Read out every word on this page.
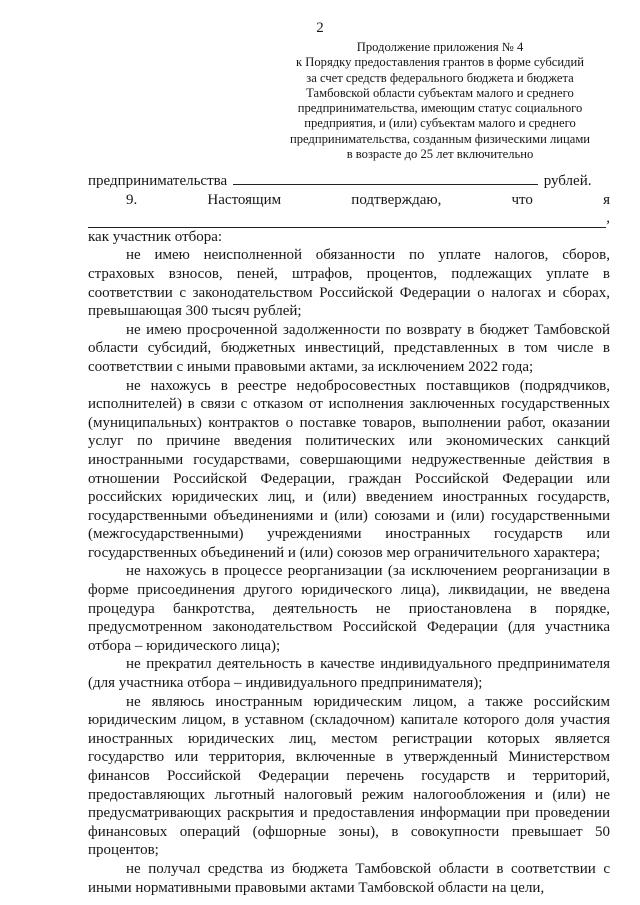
2
Продолжение приложения № 4
к Порядку предоставления грантов в форме субсидий
за счет средств федерального бюджета и бюджета
Тамбовской области субъектам малого и среднего
предпринимательства, имеющим статус социального
предприятия, и (или) субъектам малого и среднего
предпринимательства, созданным физическими лицами
в возрасте до 25 лет включительно
предпринимательства	рублей.
9.	Настоящим	подтверждаю,	что	я
,
как участник отбора:
не имею неисполненной обязанности по уплате налогов, сборов, страховых взносов, пеней, штрафов, процентов, подлежащих уплате в соответствии с законодательством Российской Федерации о налогах и сборах, превышающая 300 тысяч рублей;
не имею просроченной задолженности по возврату в бюджет Тамбовской области субсидий, бюджетных инвестиций, представленных в том числе в соответствии с иными правовыми актами, за исключением 2022 года;
не нахожусь в реестре недобросовестных поставщиков (подрядчиков, исполнителей) в связи с отказом от исполнения заключенных государственных (муниципальных) контрактов о поставке товаров, выполнении работ, оказании услуг по причине введения политических или экономических санкций иностранными государствами, совершающими недружественные действия в отношении Российской Федерации, граждан Российской Федерации или российских юридических лиц, и (или) введением иностранных государств, государственными объединениями и (или) союзами и (или) государственными (межгосударственными) учреждениями иностранных государств или государственных объединений и (или) союзов мер ограничительного характера;
не нахожусь в процессе реорганизации (за исключением реорганизации в форме присоединения другого юридического лица), ликвидации, не введена процедура банкротства, деятельность не приостановлена в порядке, предусмотренном законодательством Российской Федерации (для участника отбора – юридического лица);
не прекратил деятельность в качестве индивидуального предпринимателя (для участника отбора – индивидуального предпринимателя);
не являюсь иностранным юридическим лицом, а также российским юридическим лицом, в уставном (складочном) капитале которого доля участия иностранных юридических лиц, местом регистрации которых является государство или территория, включенные в утвержденный Министерством финансов Российской Федерации перечень государств и территорий, предоставляющих льготный налоговый режим налогообложения и (или) не предусматривающих раскрытия и предоставления информации при проведении финансовых операций (офшорные зоны), в совокупности превышает 50 процентов;
не получал средства из бюджета Тамбовской области в соответствии с иными нормативными правовыми актами Тамбовской области на цели,
